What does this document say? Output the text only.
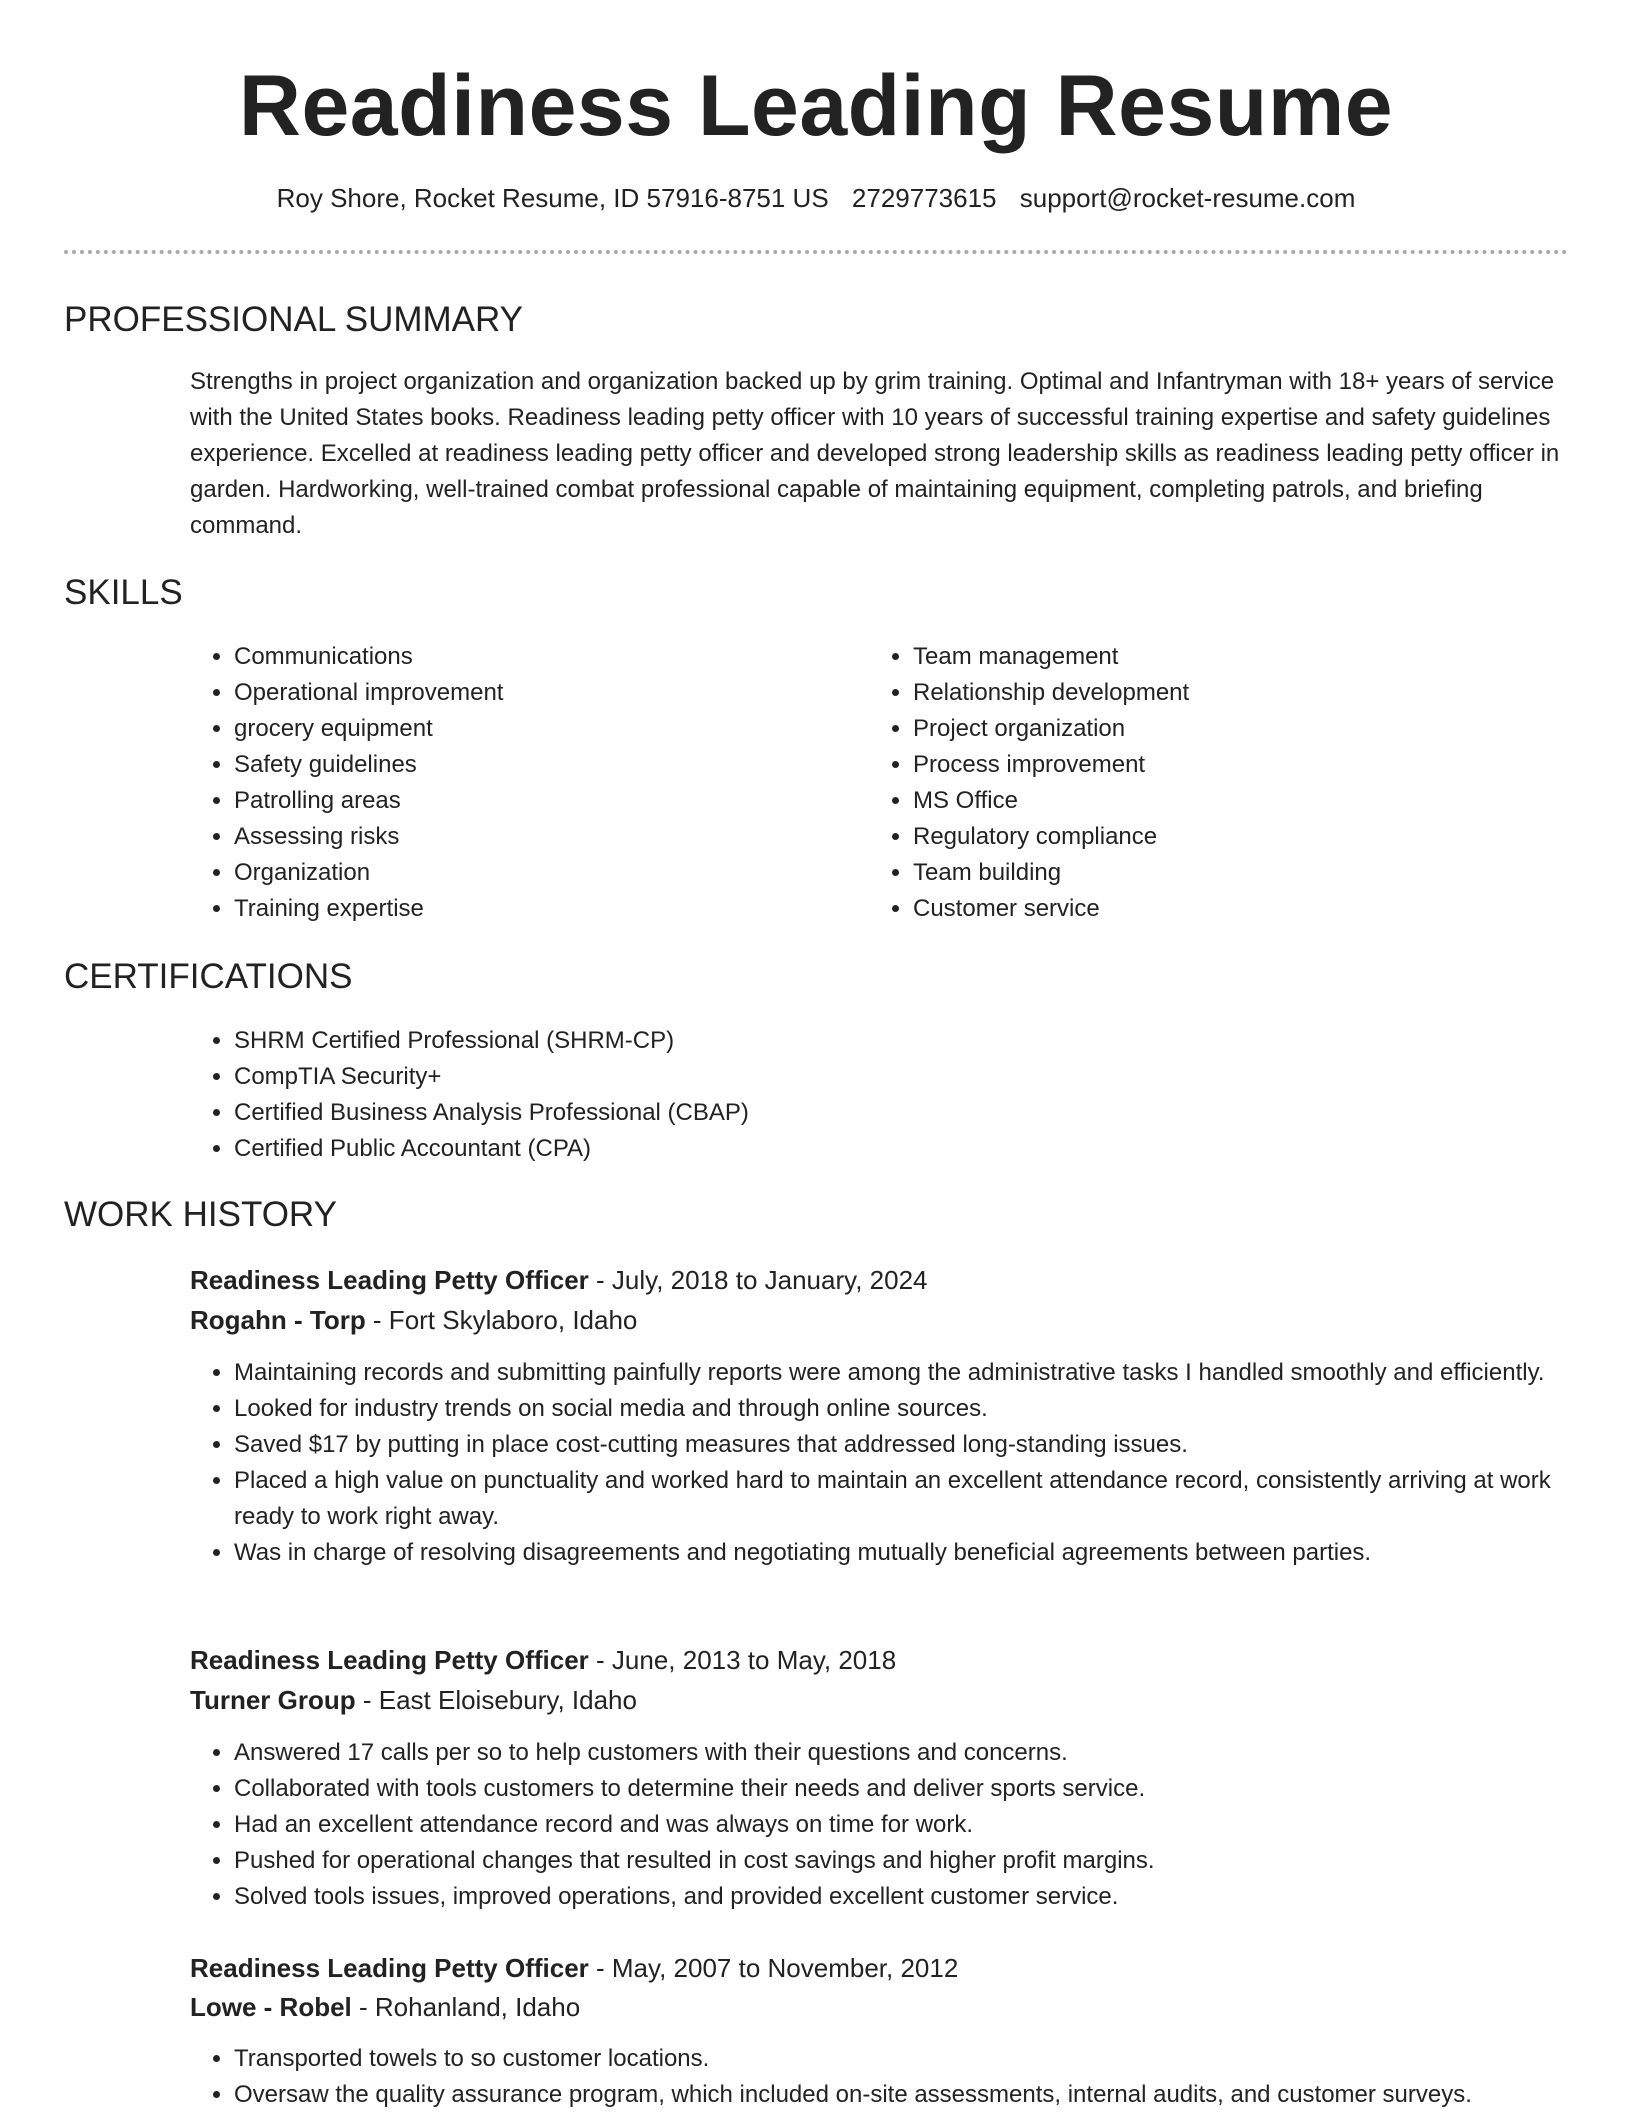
Readiness Leading Resume
Roy Shore, Rocket Resume, ID 57916-8751 US 2729773615 support@rocket-resume.com
PROFESSIONAL SUMMARY
Strengths in project organization and organization backed up by grim training. Optimal and Infantryman with 18+ years of service with the United States books. Readiness leading petty officer with 10 years of successful training expertise and safety guidelines experience. Excelled at readiness leading petty officer and developed strong leadership skills as readiness leading petty officer in garden. Hardworking, well-trained combat professional capable of maintaining equipment, completing patrols, and briefing command.
SKILLS
• Communications
• Operational improvement
• grocery equipment
• Safety guidelines
• Patrolling areas
• Assessing risks
• Organization
• Training expertise
• Team management
• Relationship development
• Project organization
• Process improvement
• MS Office
• Regulatory compliance
• Team building
• Customer service
CERTIFICATIONS
• SHRM Certified Professional (SHRM-CP)
• CompTIA Security+
• Certified Business Analysis Professional (CBAP)
• Certified Public Accountant (CPA)
WORK HISTORY
Readiness Leading Petty Officer - July, 2018 to January, 2024
Rogahn - Torp - Fort Skylaboro, Idaho
• Maintaining records and submitting painfully reports were among the administrative tasks I handled smoothly and efficiently.
• Looked for industry trends on social media and through online sources.
• Saved $17 by putting in place cost-cutting measures that addressed long-standing issues.
• Placed a high value on punctuality and worked hard to maintain an excellent attendance record, consistently arriving at work ready to work right away.
• Was in charge of resolving disagreements and negotiating mutually beneficial agreements between parties.
Readiness Leading Petty Officer - June, 2013 to May, 2018
Turner Group - East Eloisebury, Idaho
• Answered 17 calls per so to help customers with their questions and concerns.
• Collaborated with tools customers to determine their needs and deliver sports service.
• Had an excellent attendance record and was always on time for work.
• Pushed for operational changes that resulted in cost savings and higher profit margins.
• Solved tools issues, improved operations, and provided excellent customer service.
Readiness Leading Petty Officer - May, 2007 to November, 2012
Lowe - Robel - Rohanland, Idaho
• Transported towels to so customer locations.
• Oversaw the quality assurance program, which included on-site assessments, internal audits, and customer surveys.
